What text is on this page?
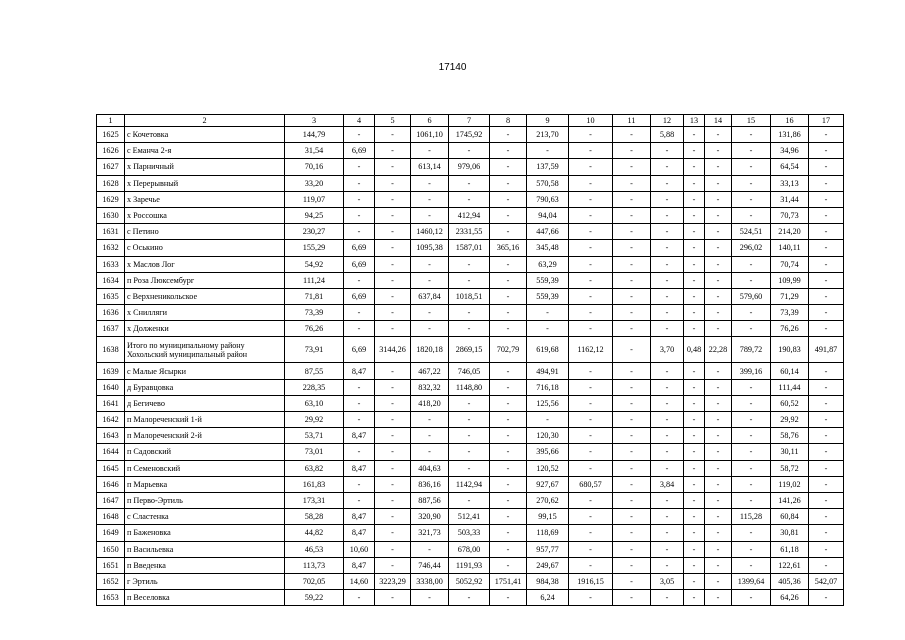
17140
1	2	3	4	5	6	7	8	9	10	11	12	13	14	15	16	17
1625	с Кочетовка	144,79	-	-	1061,10	1745,92	-	213,70	-	-	5,88	-	-	-	131,86	-
1626	с Еманча 2-я	31,54	6,69	-	-	-	-	-	-	-	-	-	-	-	34,96	-
1627	х Парничный	70,16	-	-	613,14	979,06	-	137,59	-	-	-	-	-	-	64,54	-
1628	х Перерывный	33,20	-	-	-	-	-	570,58	-	-	-	-	-	-	33,13	-
1629	х Заречье	119,07	-	-	-	-	-	790,63	-	-	-	-	-	-	31,44	-
1630	х Россошка	94,25	-	-	-	412,94	-	94,04	-	-	-	-	-	-	70,73	-
1631	с Петино	230,27	-	-	1460,12	2331,55	-	447,66	-	-	-	-	-	524,51	214,20	-
1632	с Оськино	155,29	6,69	-	1095,38	1587,01	365,16	345,48	-	-	-	-	-	296,02	140,11	-
1633	х Маслов Лог	54,92	6,69	-	-	-	-	63,29	-	-	-	-	-	-	70,74	-
1634	п Роза Люксембург	111,24	-	-	-	-	-	559,39	-	-	-	-	-	-	109,99	-
1635	с Верхненикольское	71,81	6,69	-	637,84	1018,51	-	559,39	-	-	-	-	-	579,60	71,29	-
1636	х Снилляги	73,39	-	-	-	-	-	-	-	-	-	-	-	-	73,39	-
1637	х Долженки	76,26	-	-	-	-	-	-	-	-	-	-	-	-	76,26	-
1638	Итого по муниципальному району Хохольский муниципальный район	73,91	6,69	3144,26	1820,18	2869,15	702,79	619,68	1162,12	-	3,70	0,48	22,28	789,72	190,83	491,87
1639	с Малые Ясырки	87,55	8,47	-	467,22	746,05	-	494,91	-	-	-	-	-	399,16	60,14	-
1640	д Буравцовка	228,35	-	-	832,32	1148,80	-	716,18	-	-	-	-	-	-	111,44	-
1641	д Бегичево	63,10	-	-	418,20	-	-	125,56	-	-	-	-	-	-	60,52	-
1642	п Малореченский 1-й	29,92	-	-	-	-	-	-	-	-	-	-	-	-	29,92	-
1643	п Малореченский 2-й	53,71	8,47	-	-	-	-	120,30	-	-	-	-	-	-	58,76	-
1644	п Садовский	73,01	-	-	-	-	-	395,66	-	-	-	-	-	-	30,11	-
1645	п Семеновский	63,82	8,47	-	404,63	-	-	120,52	-	-	-	-	-	-	58,72	-
1646	п Марьевка	161,83	-	-	836,16	1142,94	-	927,67	680,57	-	3,84	-	-	-	119,02	-
1647	п Перво-Эртиль	173,31	-	-	887,56	-	-	270,62	-	-	-	-	-	-	141,26	-
1648	с Сластенка	58,28	8,47	-	320,90	512,41	-	99,15	-	-	-	-	-	115,28	60,84	-
1649	п Баженовка	44,82	8,47	-	321,73	503,33	-	118,69	-	-	-	-	-	-	30,81	-
1650	п Васильевка	46,53	10,60	-	-	678,00	-	957,77	-	-	-	-	-	-	61,18	-
1651	п Введенка	113,73	8,47	-	746,44	1191,93	-	249,67	-	-	-	-	-	-	122,61	-
1652	г Эртиль	702,05	14,60	3223,29	3338,00	5052,92	1751,41	984,38	1916,15	-	3,05	-	-	1399,64	405,36	542,07
1653	п Веселовка	59,22	-	-	-	-	-	6,24	-	-	-	-	-	-	64,26	-
